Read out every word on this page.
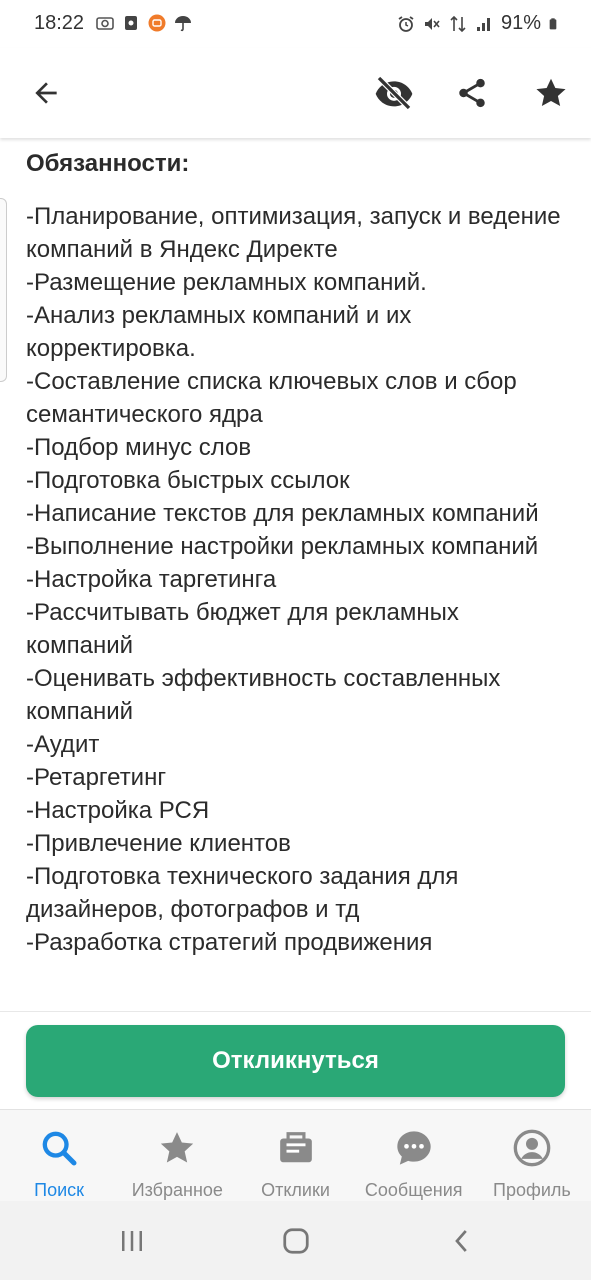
18:22	91%
Обязанности:

-Планирование, оптимизация, запуск и ведение компаний в Яндекс Директе
-Размещение рекламных компаний.
-Анализ рекламных компаний и их корректировка.
-Составление списка ключевых слов и сбор семантического ядра
-Подбор минус слов
-Подготовка быстрых ссылок
-Написание текстов для рекламных компаний
-Выполнение настройки рекламных компаний
-Настройка таргетинга
-Рассчитывать бюджет для рекламных компаний
-Оценивать эффективность составленных компаний
-Аудит
-Ретаргетинг
-Настройка РСЯ
-Привлечение клиентов
-Подготовка технического задания для дизайнеров, фотографов и тд
-Разработка стратегий продвижения

Откликнуться
Поиск	Избранное Отклики Сообщения Профиль
